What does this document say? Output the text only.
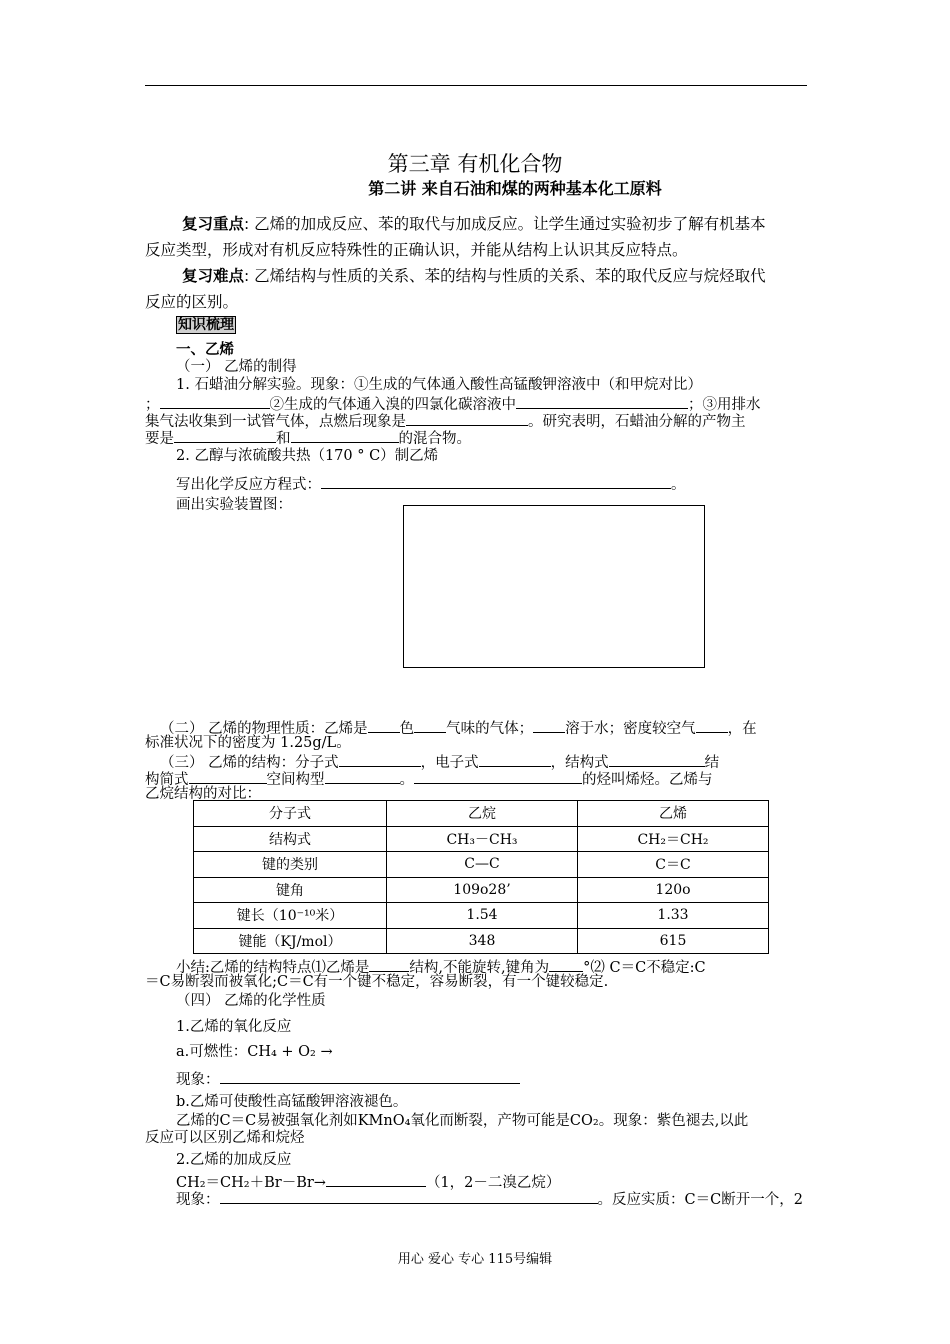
第三章 有机化合物
第二讲 来自石油和煤的两种基本化工原料
复习重点: 乙烯的加成反应、苯的取代与加成反应。让学生通过实验初步了解有机基本
反应类型，形成对有机反应特殊性的正确认识，并能从结构上认识其反应特点。
复习难点: 乙烯结构与性质的关系、苯的结构与性质的关系、苯的取代反应与烷烃取代
反应的区别。
知识梳理
一、乙烯
（一） 乙烯的制得
1. 石蜡油分解实验。现象：①生成的气体通入酸性高锰酸钾溶液中（和甲烷对比）
；	②生成的气体通入溴的四氯化碳溶液中	；③用排水
集气法收集到一试管气体，点燃后现象是	。研究表明，石蜡油分解的产物主
要是	和	的混合物。
2. 乙醇与浓硫酸共热（170 ° C）制乙烯
写出化学反应方程式：	。
画出实验装置图：
（二） 乙烯的物理性质：乙烯是 色 气味的气体； 溶于水；密度较空气 ，在
标准状况下的密度为 1.25g/L。
（三） 乙烯的结构：分子式	，电子式	，结构式	结
构简式	空间构型	。	的烃叫烯烃。乙烯与
乙烷结构的对比：
分子式	乙烷	乙烯
结构式	CH₃－CH₃	CH₂＝CH₂
键的类别	C—C	C＝C
键角	109o28’	120o
键长（10⁻¹⁰米）	1.54	1.33
键能（KJ/mol）	348	615
小结:乙烯的结构特点⑴乙烯是	结构,不能旋转,键角为 °⑵ C＝C不稳定:C
＝C易断裂而被氧化;C＝C有一个键不稳定，容易断裂，有一个键较稳定.
（四） 乙烯的化学性质
1.乙烯的氧化反应
a.可燃性：CH₄ + O₂ →
现象：
b.乙烯可使酸性高锰酸钾溶液褪色。
乙烯的C＝C易被强氧化剂如KMnO₄氧化而断裂，产物可能是CO₂。现象：紫色褪去,以此
反应可以区别乙烯和烷烃
2.乙烯的加成反应
CH₂＝CH₂＋Br－Br→	（1，2－二溴乙烷）
现象：	。反应实质：C＝C断开一个，2
用心 爱心 专心 115号编辑
